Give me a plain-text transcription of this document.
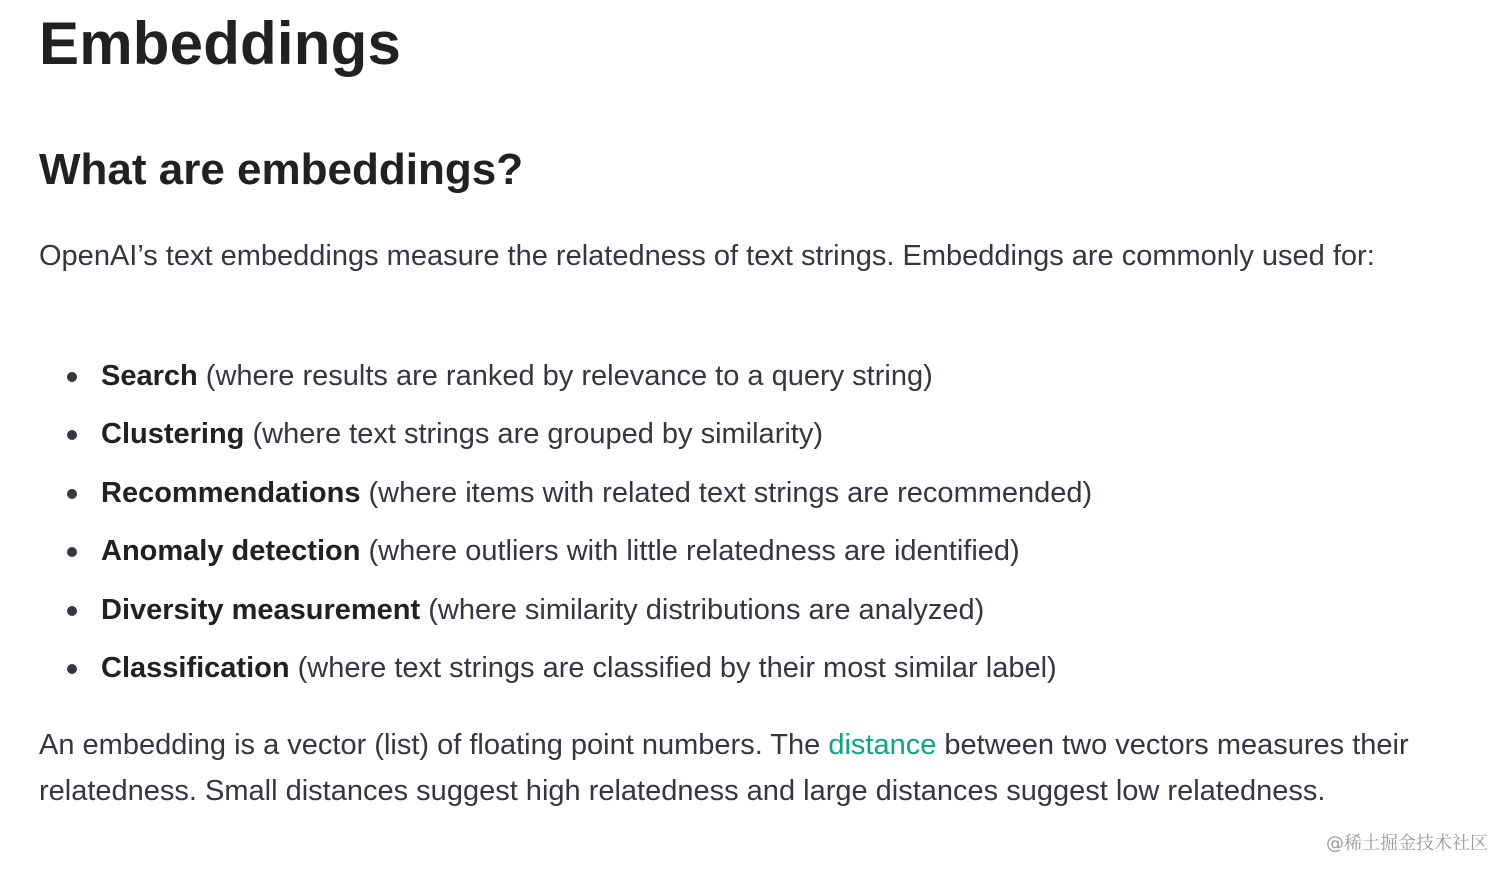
Embeddings
What are embeddings?

OpenAI’s text embeddings measure the relatedness of text strings. Embeddings are commonly used for:

Search (where results are ranked by relevance to a query string)
Clustering (where text strings are grouped by similarity)
Recommendations (where items with related text strings are recommended)
Anomaly detection (where outliers with little relatedness are identified)
Diversity measurement (where similarity distributions are analyzed)
Classification (where text strings are classified by their most similar label)

An embedding is a vector (list) of floating point numbers. The distance between two vectors measures their relatedness. Small distances suggest high relatedness and large distances suggest low relatedness.

@稀土掘金技术社区
